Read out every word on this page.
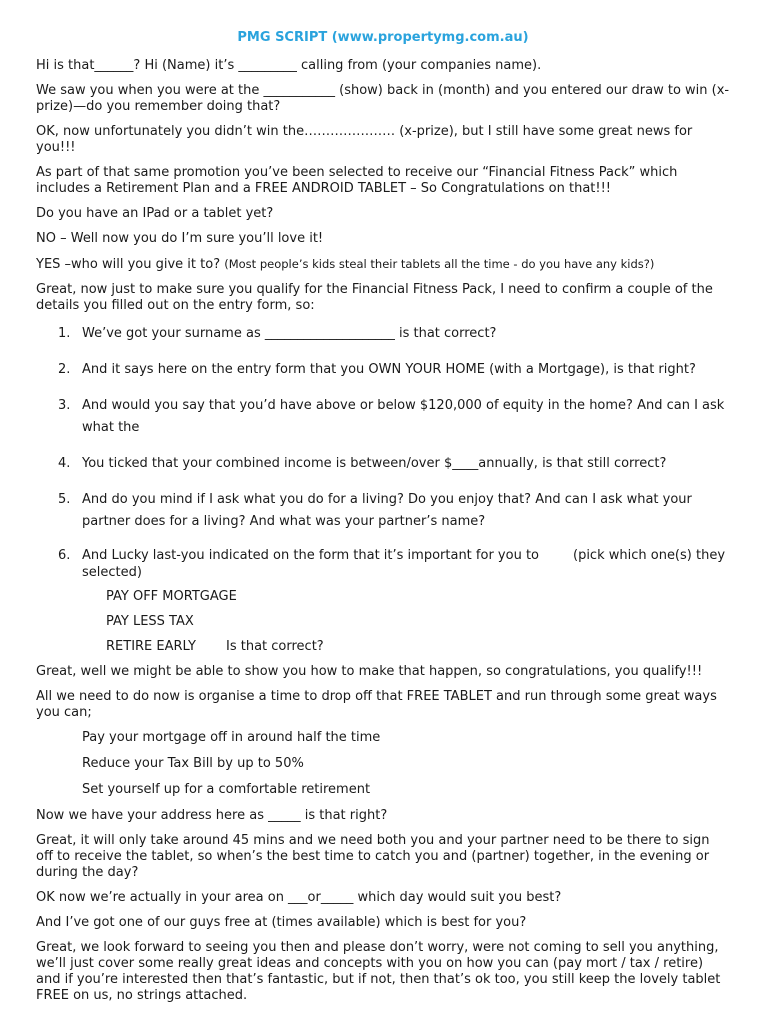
PMG SCRIPT (www.propertymg.com.au)

Hi is that______? Hi (Name) it’s _________ calling from (your companies name).

We saw you when you were at the ___________ (show) back in (month) and you entered our draw to win (x-prize)—do you remember doing that?

OK, now unfortunately you didn’t win the………………… (x-prize), but I still have some great news for you!!!

As part of that same promotion you’ve been selected to receive our “Financial Fitness Pack” which includes a Retirement Plan and a FREE ANDROID TABLET – So Congratulations on that!!!

Do you have an IPad or a tablet yet?

NO – Well now you do I’m sure you’ll love it!

YES –who will you give it to? (Most people’s kids steal their tablets all the time - do you have any kids?)

Great, now just to make sure you qualify for the Financial Fitness Pack, I need to confirm a couple of the details you filled out on the entry form, so:

1. We’ve got your surname as ____________________ is that correct?
2. And it says here on the entry form that you OWN YOUR HOME (with a Mortgage), is that right?
3. And would you say that you’d have above or below $120,000 of equity in the home? And can I ask what the
4. You ticked that your combined income is between/over $____annually, is that still correct?
5. And do you mind if I ask what you do for a living? Do you enjoy that? And can I ask what your partner does for a living? And what was your partner’s name?
6. And Lucky last-you indicated on the form that it’s important for you to	(pick which one(s) they selected)
PAY OFF MORTGAGE
PAY LESS TAX
RETIRE EARLY Is that correct?

Great, well we might be able to show you how to make that happen, so congratulations, you qualify!!!

All we need to do now is organise a time to drop off that FREE TABLET and run through some great ways you can;

Pay your mortgage off in around half the time
Reduce your Tax Bill by up to 50%
Set yourself up for a comfortable retirement

Now we have your address here as _____ is that right?

Great, it will only take around 45 mins and we need both you and your partner need to be there to sign off to receive the tablet, so when’s the best time to catch you and (partner) together, in the evening or during the day?

OK now we’re actually in your area on ___or_____ which day would suit you best?

And I’ve got one of our guys free at (times available) which is best for you?

Great, we look forward to seeing you then and please don’t worry, were not coming to sell you anything, we’ll just cover some really great ideas and concepts with you on how you can (pay mort / tax / retire) and if you’re interested then that’s fantastic, but if not, then that’s ok too, you still keep the lovely tablet FREE on us, no strings attached.
